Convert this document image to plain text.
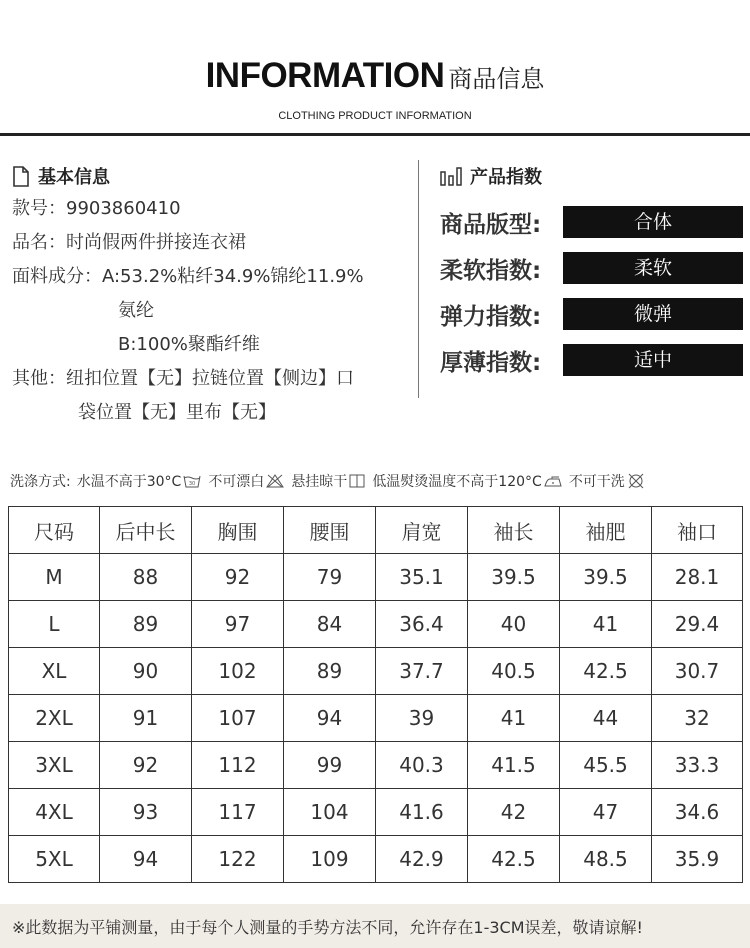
INFORMATION 商品信息
CLOTHING PRODUCT INFORMATION
基本信息
款号： 9903860410
品名： 时尚假两件拼接连衣裙
面料成分： A:53.2%粘纤34.9%锦纶11.9%
氨纶
B:100%聚酯纤维
其他： 纽扣位置【无】拉链位置【侧边】口
袋位置【无】里布【无】
产品指数
商品版型:	合体
柔软指数:	柔软
弹力指数:	微弹
厚薄指数:	适中
洗涤方式: 水温不高于30°C 30 不可漂白 悬挂晾干 低温熨烫温度不高于120°C 不可干洗
尺码	后中长	胸围	腰围	肩宽	袖长	袖肥	袖口
M	88	92	79	35.1	39.5	39.5	28.1
L	89	97	84	36.4	40	41	29.4
XL	90	102	89	37.7	40.5	42.5	30.7
2XL	91	107	94	39	41	44	32
3XL	92	112	99	40.3	41.5	45.5	33.3
4XL	93	117	104	41.6	42	47	34.6
5XL	94	122	109	42.9	42.5	48.5	35.9
※此数据为平铺测量，由于每个人测量的手势方法不同，允许存在1-3CM误差，敬请谅解!
